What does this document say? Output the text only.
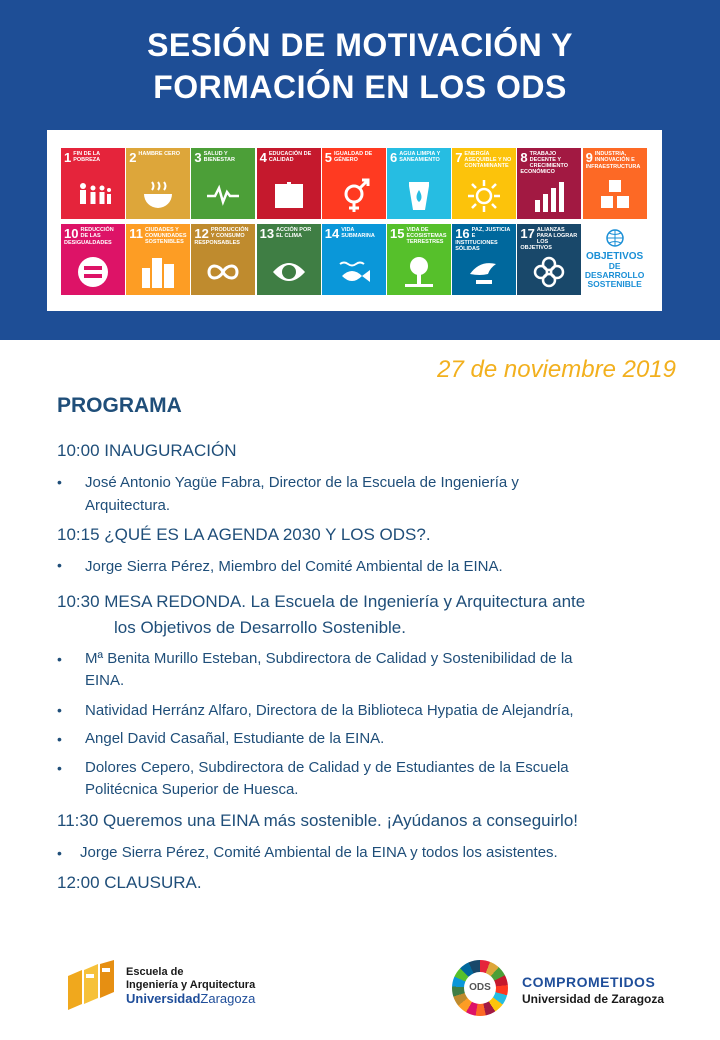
SESIÓN DE MOTIVACIÓN Y
FORMACIÓN EN LOS ODS
1 FIN DE LA POBREZA	2 HAMBRE CERO	3 SALUD Y BIENESTAR	4 EDUCACIÓN DE CALIDAD	5 IGUALDAD DE GÉNERO	6 AGUA LIMPIA Y SANEAMIENTO	7 ENERGÍA ASEQUIBLE Y NO CONTAMINANTE
8 TRABAJO DECENTE Y CRECIMIENTO ECONÓMICO
9 INDUSTRIA, INNOVACIÓN E INFRAESTRUCTURA
10 REDUCCIÓN DE LAS DESIGUALDADES
11 CIUDADES Y COMUNIDADES SOSTENIBLES
12 PRODUCCIÓN Y CONSUMO RESPONSABLES
13 ACCIÓN POR EL CLIMA	14 VIDA SUBMARINA	15 VIDA DE ECOSISTEMAS TERRESTRES
16 PAZ, JUSTICIA E INSTITUCIONES SÓLIDAS
17 ALIANZAS PARA LOGRAR LOS OBJETIVOS
OBJETIVOS
DE DESARROLLO
SOSTENIBLE
27 de noviembre 2019
PROGRAMA
10:00 INAUGURACIÓN
• José Antonio Yagüe Fabra, Director de la Escuela de Ingeniería y
Arquitectura.
10:15 ¿QUÉ ES LA AGENDA 2030 Y LOS ODS?.
• Jorge Sierra Pérez, Miembro del Comité Ambiental de la EINA.
10:30 MESA REDONDA. La Escuela de Ingeniería y Arquitectura ante
los Objetivos de Desarrollo Sostenible.
• Mª Benita Murillo Esteban, Subdirectora de Calidad y Sostenibilidad de la
EINA.
• Natividad Herránz Alfaro, Directora de la Biblioteca Hypatia de Alejandría,
• Angel David Casañal, Estudiante de la EINA.
• Dolores Cepero, Subdirectora de Calidad y de Estudiantes de la Escuela
Politécnica Superior de Huesca.
11:30 Queremos una EINA más sostenible. ¡Ayúdanos a conseguirlo!
• Jorge Sierra Pérez, Comité Ambiental de la EINA y todos los asistentes.
12:00 CLAUSURA.
Escuela de
Ingeniería y Arquitectura
UniversidadZaragoza
ODS	COMPROMETIDOS
Universidad de Zaragoza
